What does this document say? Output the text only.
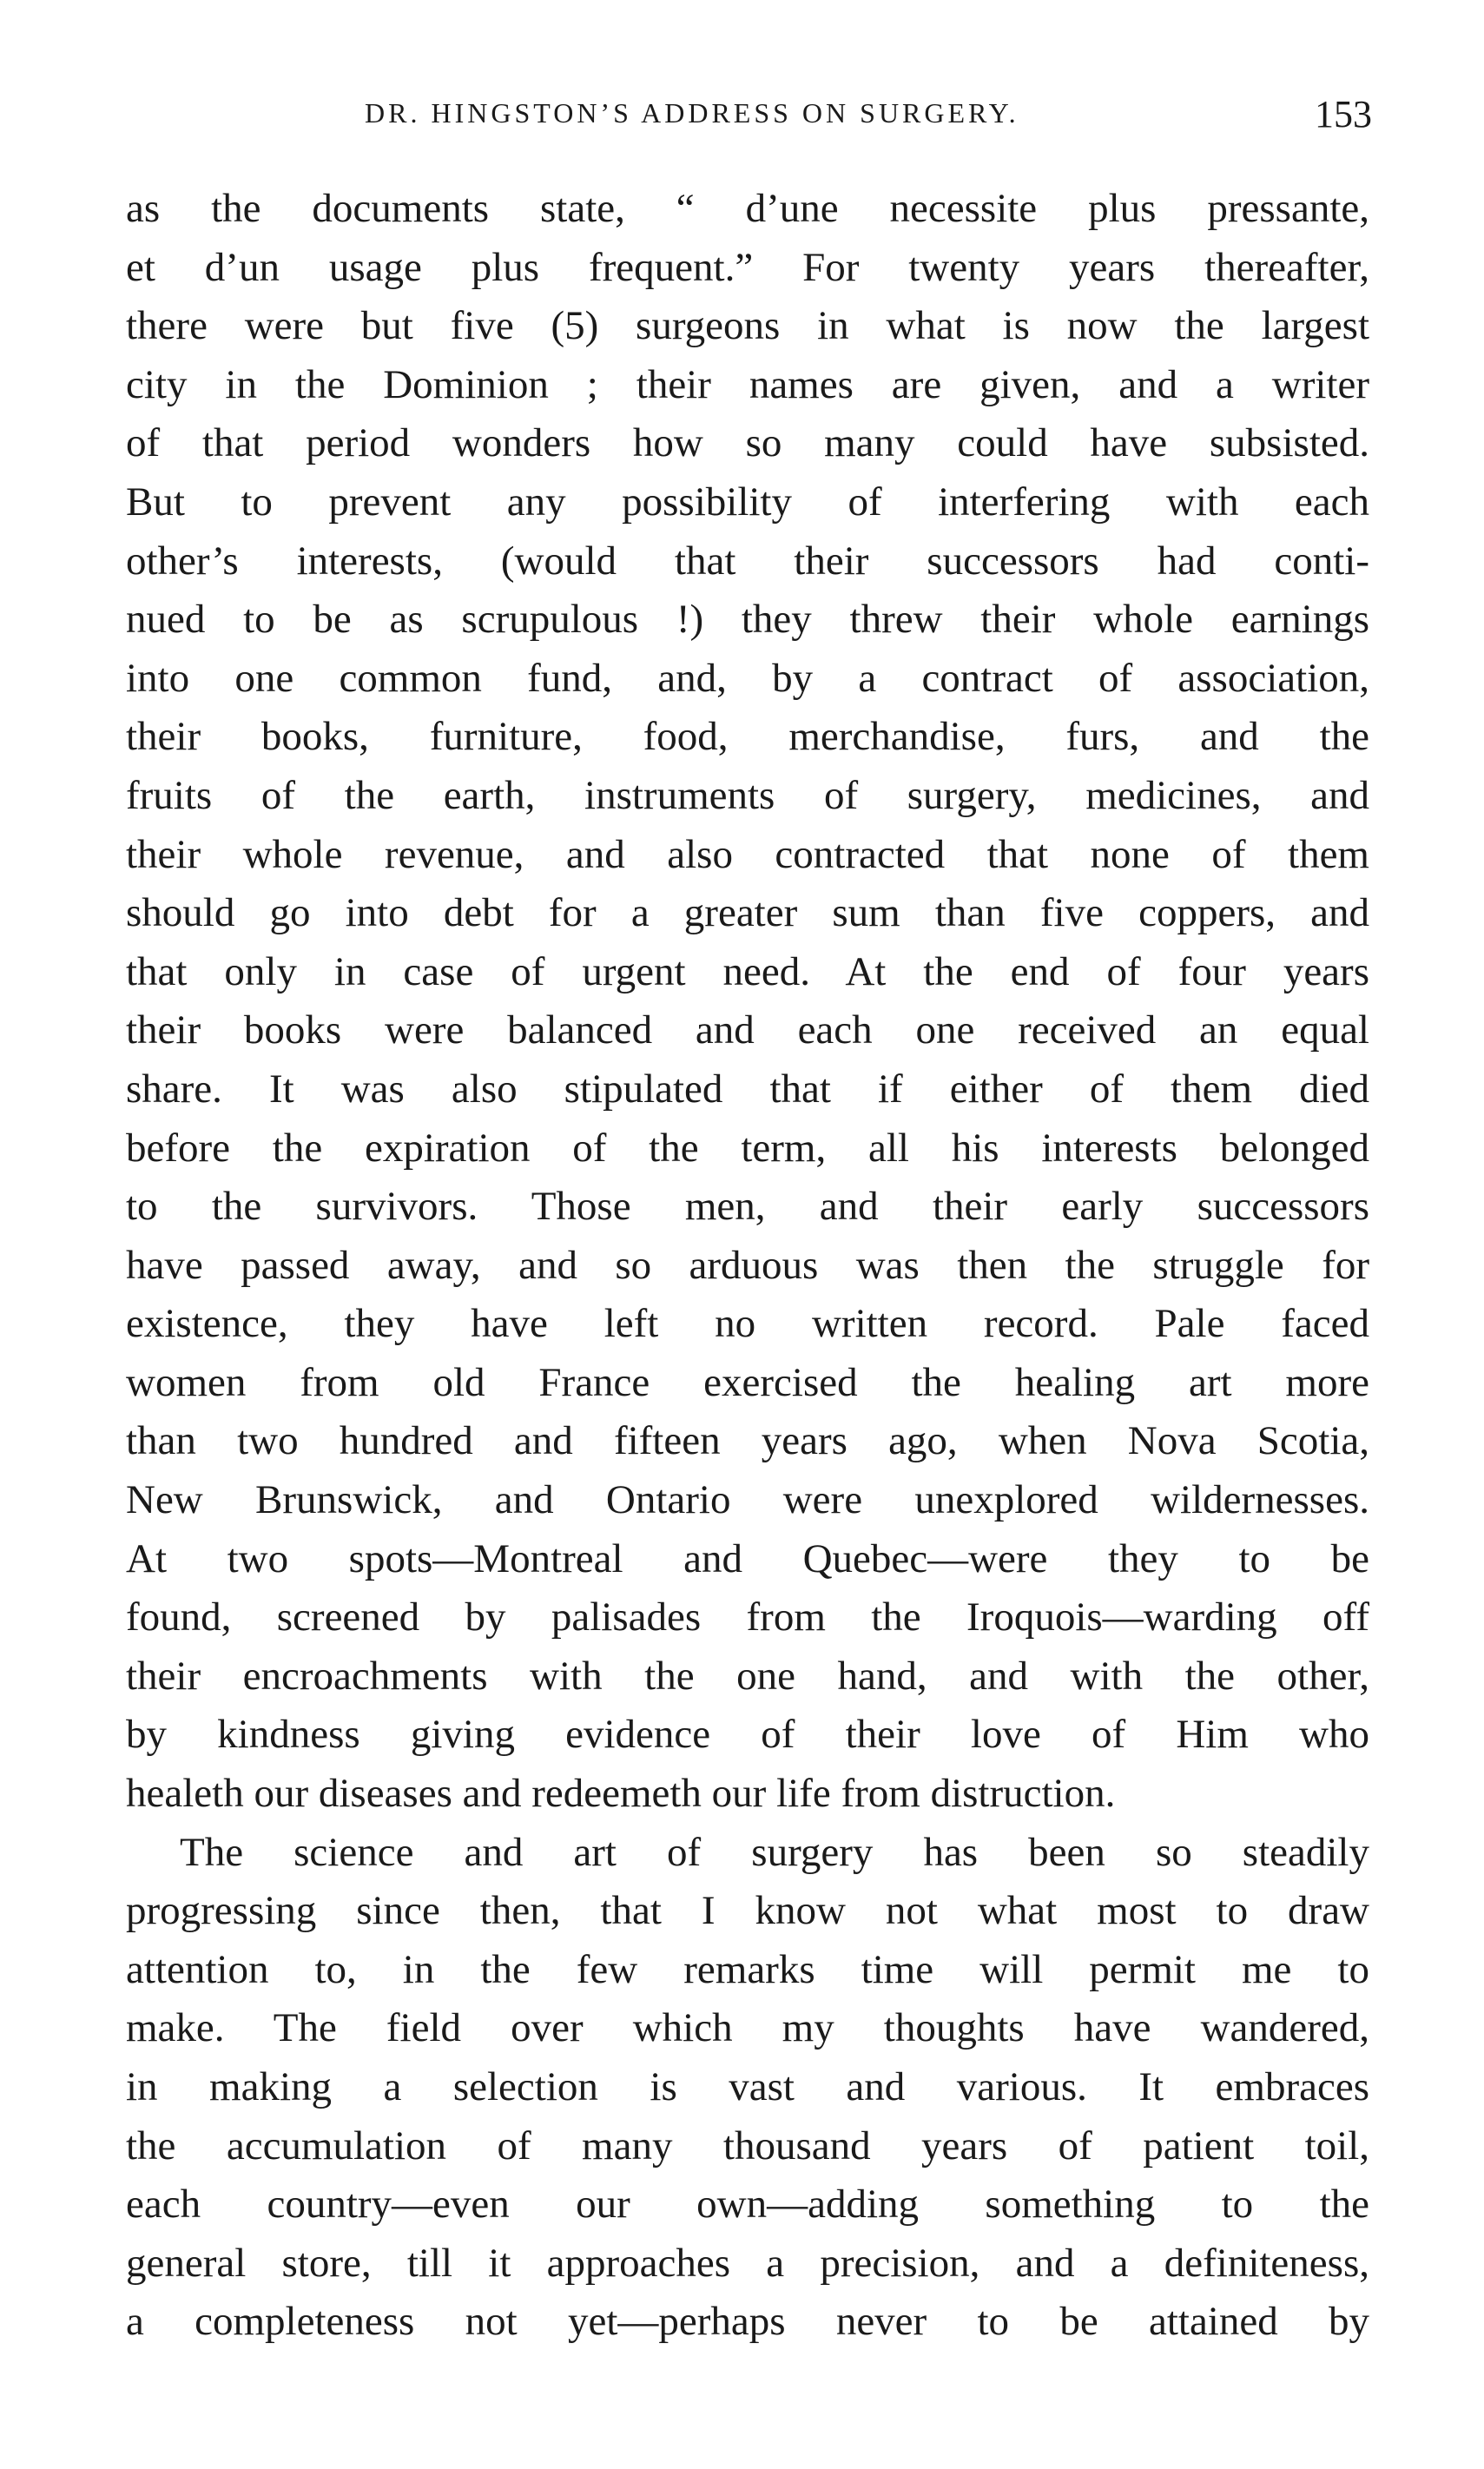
DR. HINGSTON’S ADDRESS ON SURGERY.	153
as the documents state, “ d’une necessite plus pressante,
et d’un usage plus frequent.” For twenty years thereafter,
there were but five (5) surgeons in what is now the largest
city in the Dominion ; their names are given, and a writer
of that period wonders how so many could have subsisted.
But to prevent any possibility of interfering with each
other’s interests, (would that their successors had conti-
nued to be as scrupulous !) they threw their whole earnings
into one common fund, and, by a contract of association,
their books, furniture, food, merchandise, furs, and the
fruits of the earth, instruments of surgery, medicines, and
their whole revenue, and also contracted that none of them
should go into debt for a greater sum than five coppers, and
that only in case of urgent need. At the end of four years
their books were balanced and each one received an equal
share. It was also stipulated that if either of them died
before the expiration of the term, all his interests belonged
to the survivors. Those men, and their early successors
have passed away, and so arduous was then the struggle for
existence, they have left no written record. Pale faced
women from old France exercised the healing art more
than two hundred and fifteen years ago, when Nova Scotia,
New Brunswick, and Ontario were unexplored wildernesses.
At two spots—Montreal and Quebec—were they to be
found, screened by palisades from the Iroquois—warding off
their encroachments with the one hand, and with the other,
by kindness giving evidence of their love of Him who
healeth our diseases and redeemeth our life from distruction.
The science and art of surgery has been so steadily
progressing since then, that I know not what most to draw
attention to, in the few remarks time will permit me to
make. The field over which my thoughts have wandered,
in making a selection is vast and various. It embraces
the accumulation of many thousand years of patient toil,
each country—even our own—adding something to the
general store, till it approaches a precision, and a definiteness,
a completeness not yet—perhaps never to be attained by
